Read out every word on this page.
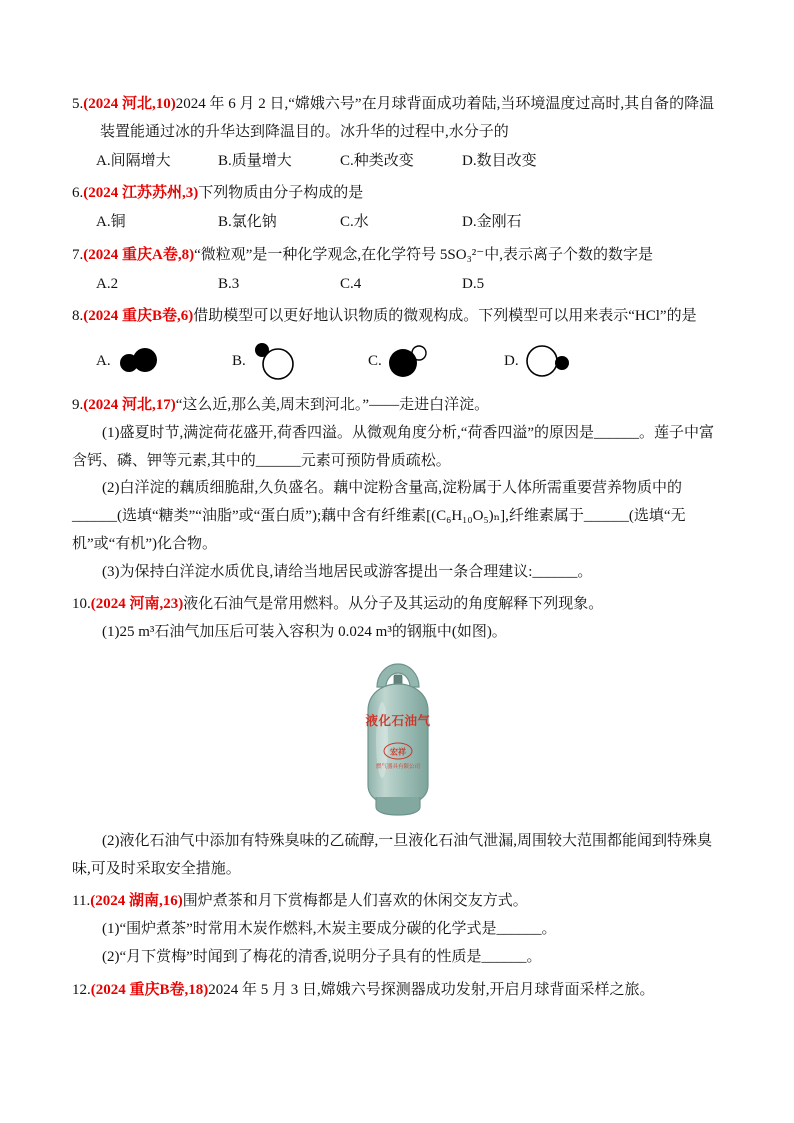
5.(2024 河北,10)2024 年 6 月 2 日,“嫦娥六号”在月球背面成功着陆,当环境温度过高时,其自备的降温装置能通过冰的升华达到降温目的。冰升华的过程中,水分子的

A.间隔增大	B.质量增大	C.种类改变	D.数目改变

6.(2024 江苏苏州,3)下列物质由分子构成的是

A.铜	B.氯化钠	C.水	D.金刚石

7.(2024 重庆A卷,8)“微粒观”是一种化学观念,在化学符号 5SO₃²⁻中,表示离子个数的数字是

A.2	B.3	C.4	D.5

8.(2024 重庆B卷,6)借助模型可以更好地认识物质的微观构成。下列模型可以用来表示“HCl”的是

A.	B.	C.	D.

9.(2024 河北,17)“这么近,那么美,周末到河北。”——走进白洋淀。

(1)盛夏时节,满淀荷花盛开,荷香四溢。从微观角度分析,“荷香四溢”的原因是______。莲子中富含钙、磷、钾等元素,其中的______元素可预防骨质疏松。

(2)白洋淀的藕质细脆甜,久负盛名。藕中淀粉含量高,淀粉属于人体所需重要营养物质中的______(选填“糖类”“油脂”或“蛋白质”);藕中含有纤维素[(C₆H₁₀O₅)ₙ],纤维素属于______(选填“无机”或“有机”)化合物。

(3)为保持白洋淀水质优良,请给当地居民或游客提出一条合理建议:______。

10.(2024 河南,23)液化石油气是常用燃料。从分子及其运动的角度解释下列现象。

(1)25 m³石油气加压后可装入容积为 0.024 m³的钢瓶中(如图)。

液化石油气
宏祥
燃气器具有限公司

(2)液化石油气中添加有特殊臭味的乙硫醇,一旦液化石油气泄漏,周围较大范围都能闻到特殊臭味,可及时采取安全措施。

11.(2024 湖南,16)围炉煮茶和月下赏梅都是人们喜欢的休闲交友方式。

(1)“围炉煮茶”时常用木炭作燃料,木炭主要成分碳的化学式是______。

(2)“月下赏梅”时闻到了梅花的清香,说明分子具有的性质是______。

12.(2024 重庆B卷,18)2024 年 5 月 3 日,嫦娥六号探测器成功发射,开启月球背面采样之旅。
